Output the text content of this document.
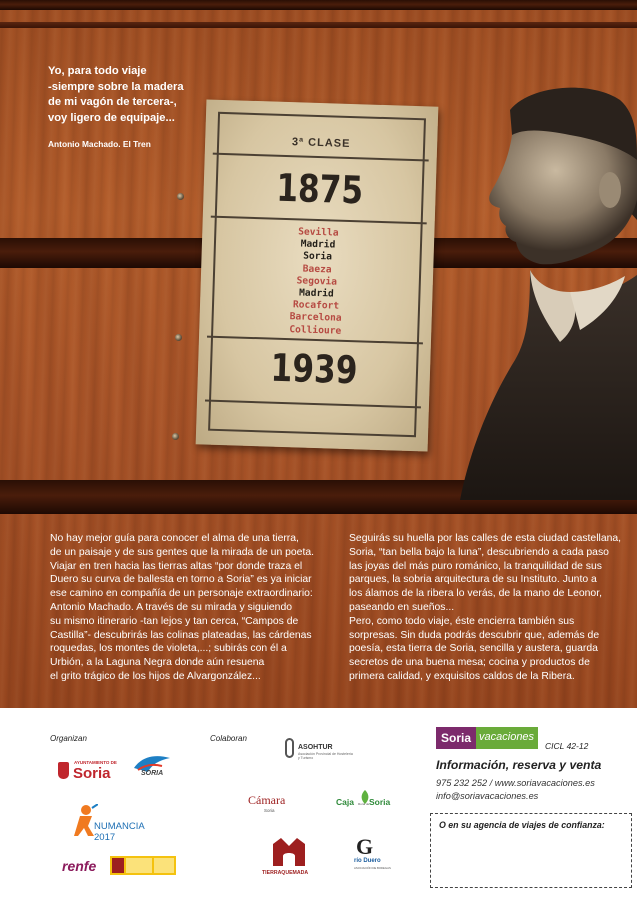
Yo, para todo viaje
-siempre sobre la madera
de mi vagón de tercera-,
voy ligero de equipaje...
Antonio Machado. El Tren	3ª CLASE
1875
Sevilla
Madrid
Soria
Baeza
Segovia
Madrid
Rocafort
Barcelona
Collioure
1939
No hay mejor guía para conocer el alma de una tierra,
de un paisaje y de sus gentes que la mirada de un poeta.
Viajar en tren hacia las tierras altas “por donde traza el
Duero su curva de ballesta en torno a Soria” es ya iniciar
ese camino en compañía de un personaje extraordinario:
Antonio Machado. A través de su mirada y siguiendo
su mismo itinerario -tan lejos y tan cerca, “Campos de
Castilla”- descubrirás las colinas plateadas, las cárdenas
roquedas, los montes de violeta,...; subirás con él a
Urbión, a la Laguna Negra donde aún resuena
el grito trágico de los hijos de Alvargonzález...
Seguirás su huella por las calles de esta ciudad castellana,
Soria, “tan bella bajo la luna”, descubriendo a cada paso
las joyas del más puro románico, la tranquilidad de sus
parques, la sobria arquitectura de su Instituto. Junto a
los álamos de la ribera lo verás, de la mano de Leonor,
paseando en sueños...
Pero, como todo viaje, éste encierra también sus
sorpresas. Sin duda podrás descubrir que, además de
poesía, esta tierra de Soria, sencilla y austera, guarda
secretos de una buena mesa; cocina y productos de
primera calidad, y exquisitos caldos de la Ribera.
Organizan	Colaboran
AYUNTAMIENTO DE
Soria	SORIA
NUMANCIA 2017
renfe
ASOHTUR
Asociación Provincial de Hostelería y Turismo
Cámara
Soria
Caja Rural de Soria
TIERRAQUEMADA
G
río Duero
ASOCIACIÓN DE BODEGAS
Soria vacaciones
CICL 42-12
Información, reserva y venta
975 232 252 / www.soriavacaciones.es
info@soriavacaciones.es
O en su agencia de viajes de confianza:
